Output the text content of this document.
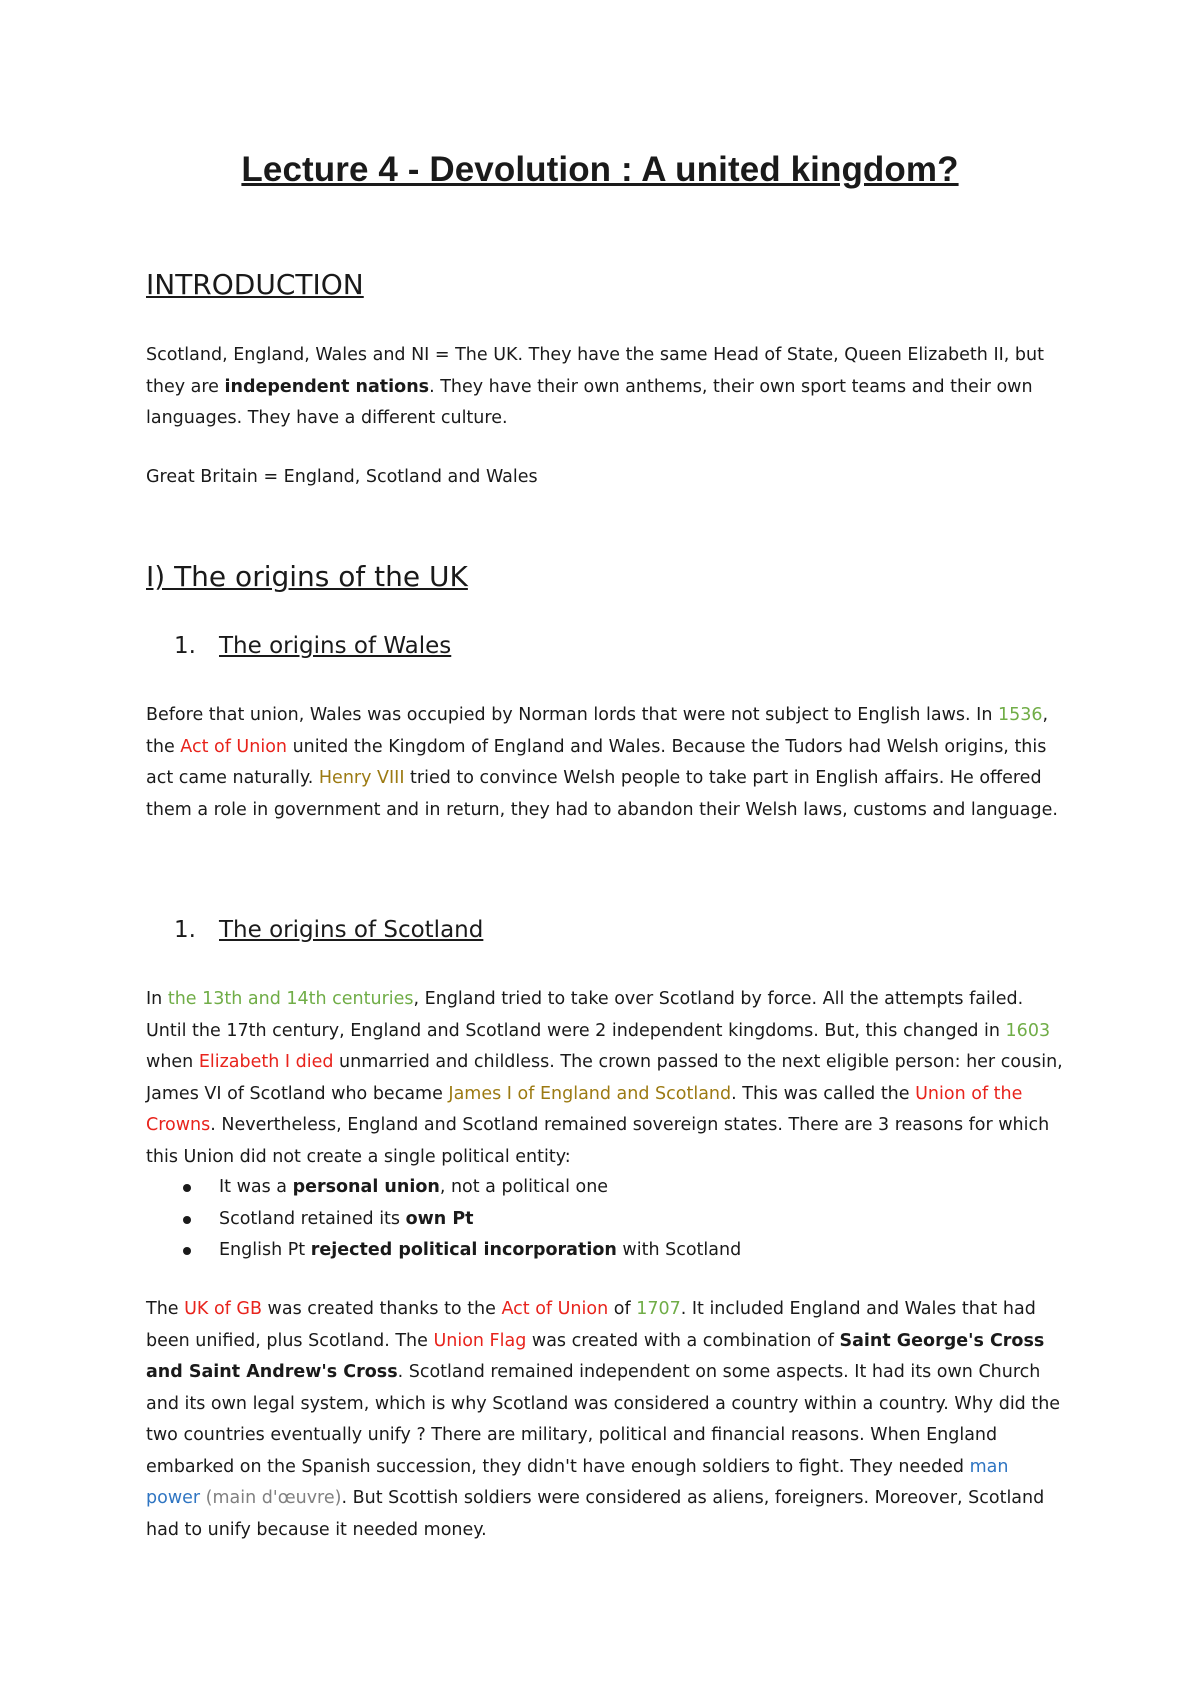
Lecture 4 - Devolution : A united kingdom?
INTRODUCTION
Scotland, England, Wales and NI = The UK. They have the same Head of State, Queen Elizabeth II, but they are independent nations. They have their own anthems, their own sport teams and their own languages. They have a different culture.
Great Britain = England, Scotland and Wales
I) The origins of the UK
1. The origins of Wales
Before that union, Wales was occupied by Norman lords that were not subject to English laws. In 1536, the Act of Union united the Kingdom of England and Wales. Because the Tudors had Welsh origins, this act came naturally. Henry VIII tried to convince Welsh people to take part in English affairs. He offered them a role in government and in return, they had to abandon their Welsh laws, customs and language.
1. The origins of Scotland
In the 13th and 14th centuries, England tried to take over Scotland by force. All the attempts failed. Until the 17th century, England and Scotland were 2 independent kingdoms. But, this changed in 1603 when Elizabeth I died unmarried and childless. The crown passed to the next eligible person: her cousin, James VI of Scotland who became James I of England and Scotland. This was called the Union of the Crowns. Nevertheless, England and Scotland remained sovereign states. There are 3 reasons for which this Union did not create a single political entity:
It was a personal union, not a political one
Scotland retained its own Pt
English Pt rejected political incorporation with Scotland
The UK of GB was created thanks to the Act of Union of 1707. It included England and Wales that had been unified, plus Scotland. The Union Flag was created with a combination of Saint George's Cross and Saint Andrew's Cross. Scotland remained independent on some aspects. It had its own Church and its own legal system, which is why Scotland was considered a country within a country. Why did the two countries eventually unify ? There are military, political and financial reasons. When England embarked on the Spanish succession, they didn't have enough soldiers to fight. They needed man power (main d'œuvre). But Scottish soldiers were considered as aliens, foreigners. Moreover, Scotland had to unify because it needed money.
